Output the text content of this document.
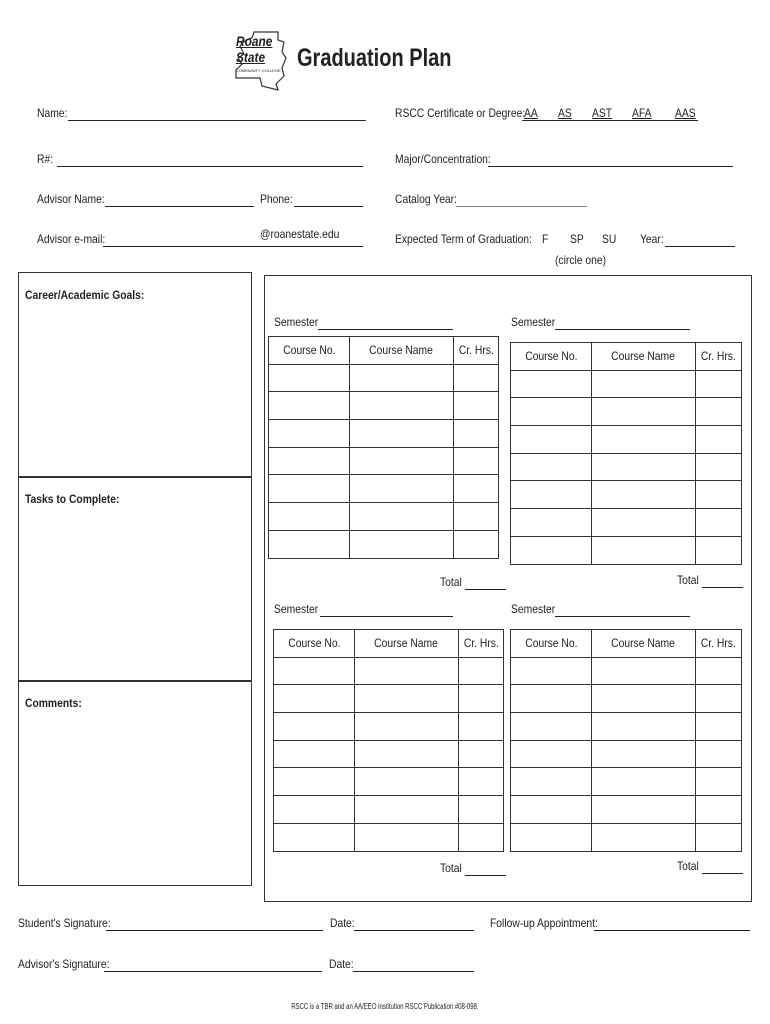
Roane
State
COMMUNITY COLLEGE Graduation Plan
Name:	RSCC Certificate or Degree:
AA AS AST AFA AAS
R#:	Major/Concentration:
Advisor Name:	Phone:	Catalog Year:
Advisor e-mail:	@roanestate.edu	Expected Term of Graduation: F SP SU Year:
(circle one)
Career/Academic Goals:
Tasks to Complete:
Comments:
Semester
Course No.	Course Name	Cr. Hrs.

Total
Semester
Course No.	Course Name	Cr. Hrs.

Total
Semester
Course No.	Course Name	Cr. Hrs.

Total
Semester
Course No.	Course Name	Cr. Hrs.

Total
Student's Signature:	Date:	Follow-up Appointment:
Advisor's Signature:	Date:
RSCC is a TBR and an AA/EEO institution RSCC Publication #08-098.
